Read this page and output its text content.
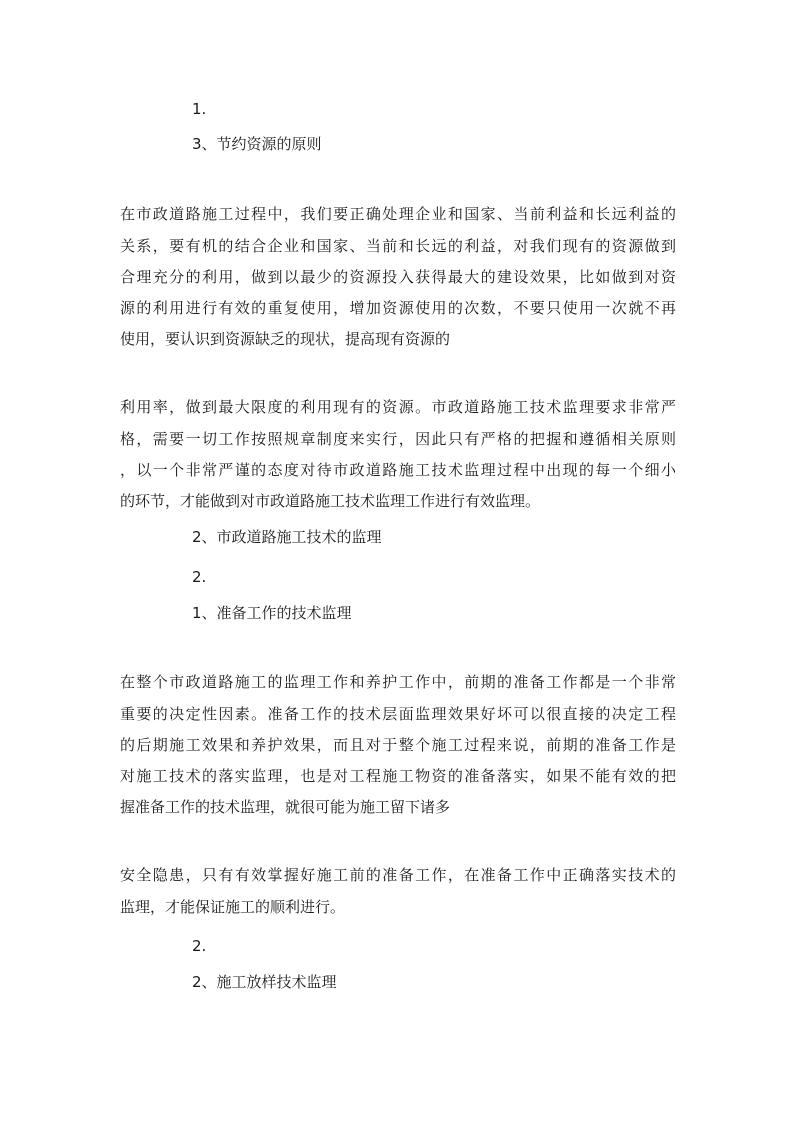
1.

3、节约资源的原则

在市政道路施工过程中，我们要正确处理企业和国家、当前利益和长远利益的

关系，要有机的结合企业和国家、当前和长远的利益，对我们现有的资源做到

合理充分的利用，做到以最少的资源投入获得最大的建设效果，比如做到对资

源的利用进行有效的重复使用，增加资源使用的次数，不要只使用一次就不再

使用，要认识到资源缺乏的现状，提高现有资源的

利用率，做到最大限度的利用现有的资源。市政道路施工技术监理要求非常严

格，需要一切工作按照规章制度来实行，因此只有严格的把握和遵循相关原则

，以一个非常严谨的态度对待市政道路施工技术监理过程中出现的每一个细小

的环节，才能做到对市政道路施工技术监理工作进行有效监理。

2、市政道路施工技术的监理

2.

1、准备工作的技术监理

在整个市政道路施工的监理工作和养护工作中，前期的准备工作都是一个非常

重要的决定性因素。准备工作的技术层面监理效果好坏可以很直接的决定工程

的后期施工效果和养护效果，而且对于整个施工过程来说，前期的准备工作是

对施工技术的落实监理，也是对工程施工物资的准备落实，如果不能有效的把

握准备工作的技术监理，就很可能为施工留下诸多

安全隐患，只有有效掌握好施工前的准备工作，在准备工作中正确落实技术的

监理，才能保证施工的顺利进行。

2.

2、施工放样技术监理
